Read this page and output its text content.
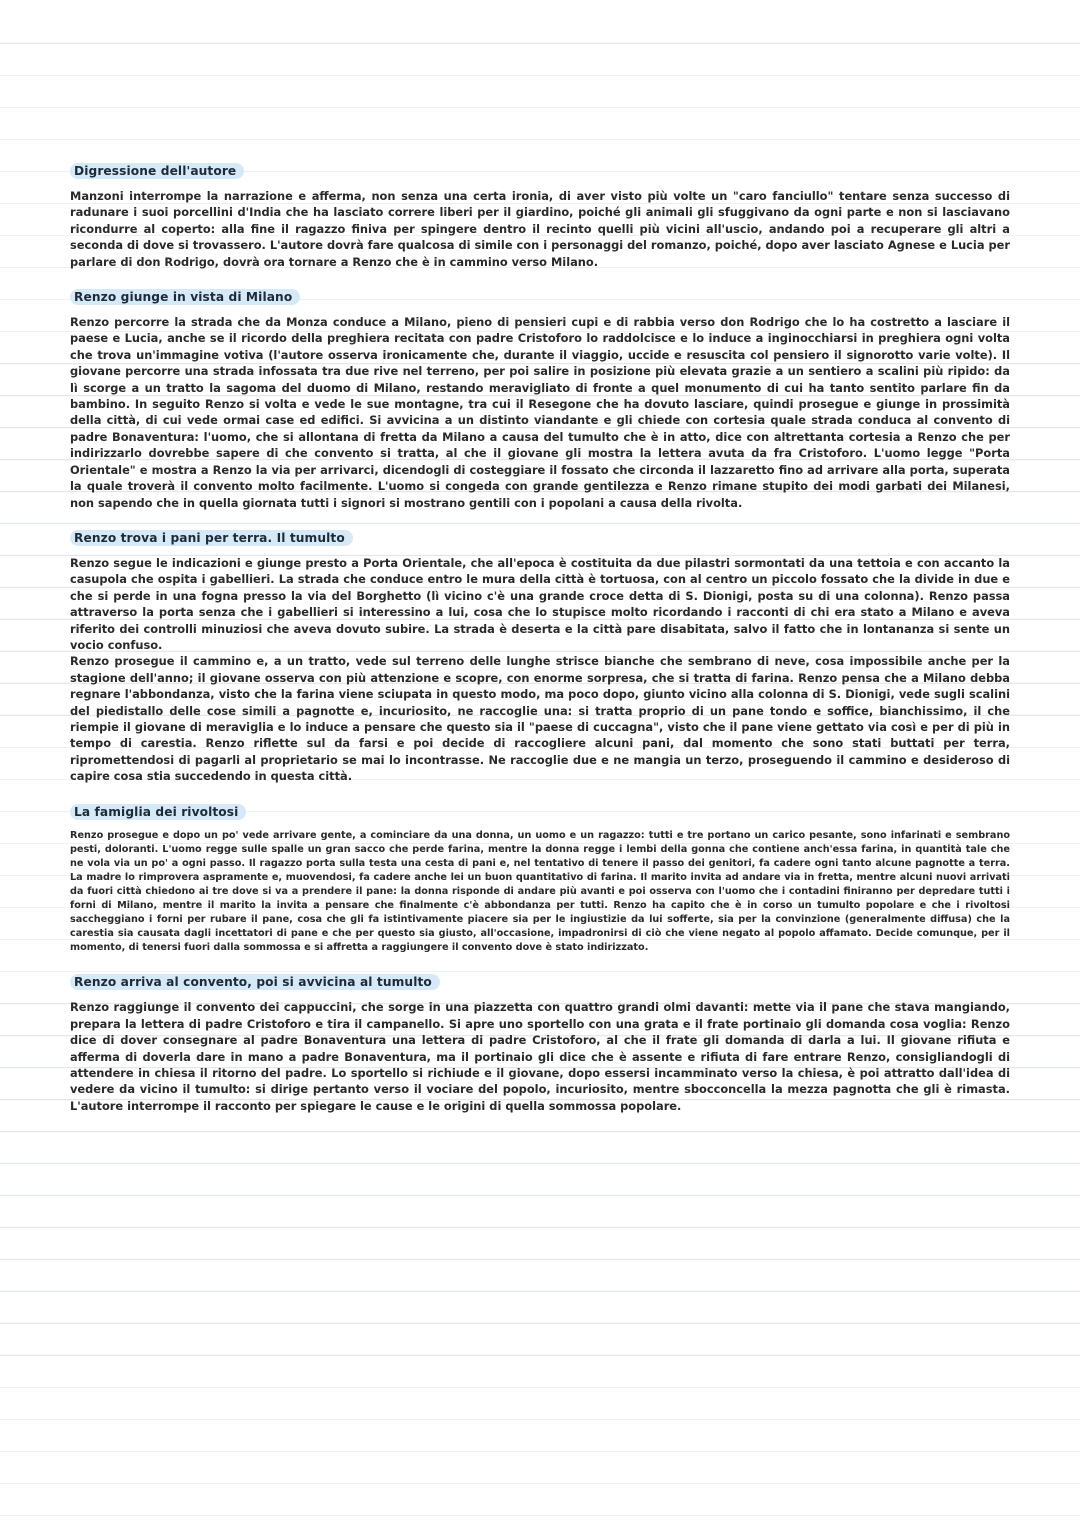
Digressione dell'autore

Manzoni interrompe la narrazione e afferma, non senza una certa ironia, di aver visto più volte un "caro fanciullo" tentare senza successo di radunare i suoi porcellini d'India che ha lasciato correre liberi per il giardino, poiché gli animali gli sfuggivano da ogni parte e non si lasciavano ricondurre al coperto: alla fine il ragazzo finiva per spingere dentro il recinto quelli più vicini all'uscio, andando poi a recuperare gli altri a seconda di dove si trovassero. L'autore dovrà fare qualcosa di simile con i personaggi del romanzo, poiché, dopo aver lasciato Agnese e Lucia per parlare di don Rodrigo, dovrà ora tornare a Renzo che è in cammino verso Milano.

Renzo giunge in vista di Milano

Renzo percorre la strada che da Monza conduce a Milano, pieno di pensieri cupi e di rabbia verso don Rodrigo che lo ha costretto a lasciare il paese e Lucia, anche se il ricordo della preghiera recitata con padre Cristoforo lo raddolcisce e lo induce a inginocchiarsi in preghiera ogni volta che trova un'immagine votiva (l'autore osserva ironicamente che, durante il viaggio, uccide e resuscita col pensiero il signorotto varie volte). Il giovane percorre una strada infossata tra due rive nel terreno, per poi salire in posizione più elevata grazie a un sentiero a scalini più ripido: da lì scorge a un tratto la sagoma del duomo di Milano, restando meravigliato di fronte a quel monumento di cui ha tanto sentito parlare fin da bambino. In seguito Renzo si volta e vede le sue montagne, tra cui il Resegone che ha dovuto lasciare, quindi prosegue e giunge in prossimità della città, di cui vede ormai case ed edifici. Si avvicina a un distinto viandante e gli chiede con cortesia quale strada conduca al convento di padre Bonaventura: l'uomo, che si allontana di fretta da Milano a causa del tumulto che è in atto, dice con altrettanta cortesia a Renzo che per indirizzarlo dovrebbe sapere di che convento si tratta, al che il giovane gli mostra la lettera avuta da fra Cristoforo. L'uomo legge "Porta Orientale" e mostra a Renzo la via per arrivarci, dicendogli di costeggiare il fossato che circonda il lazzaretto fino ad arrivare alla porta, superata la quale troverà il convento molto facilmente. L'uomo si congeda con grande gentilezza e Renzo rimane stupito dei modi garbati dei Milanesi, non sapendo che in quella giornata tutti i signori si mostrano gentili con i popolani a causa della rivolta.

Renzo trova i pani per terra. Il tumulto

Renzo segue le indicazioni e giunge presto a Porta Orientale, che all'epoca è costituita da due pilastri sormontati da una tettoia e con accanto la casupola che ospita i gabellieri. La strada che conduce entro le mura della città è tortuosa, con al centro un piccolo fossato che la divide in due e che si perde in una fogna presso la via del Borghetto (lì vicino c'è una grande croce detta di S. Dionigi, posta su di una colonna). Renzo passa attraverso la porta senza che i gabellieri si interessino a lui, cosa che lo stupisce molto ricordando i racconti di chi era stato a Milano e aveva riferito dei controlli minuziosi che aveva dovuto subire. La strada è deserta e la città pare disabitata, salvo il fatto che in lontananza si sente un vocio confuso.

Renzo prosegue il cammino e, a un tratto, vede sul terreno delle lunghe strisce bianche che sembrano di neve, cosa impossibile anche per la stagione dell'anno; il giovane osserva con più attenzione e scopre, con enorme sorpresa, che si tratta di farina. Renzo pensa che a Milano debba regnare l'abbondanza, visto che la farina viene sciupata in questo modo, ma poco dopo, giunto vicino alla colonna di S. Dionigi, vede sugli scalini del piedistallo delle cose simili a pagnotte e, incuriosito, ne raccoglie una: si tratta proprio di un pane tondo e soffice, bianchissimo, il che riempie il giovane di meraviglia e lo induce a pensare che questo sia il "paese di cuccagna", visto che il pane viene gettato via così e per di più in tempo di carestia. Renzo riflette sul da farsi e poi decide di raccogliere alcuni pani, dal momento che sono stati buttati per terra, ripromettendosi di pagarli al proprietario se mai lo incontrasse. Ne raccoglie due e ne mangia un terzo, proseguendo il cammino e desideroso di capire cosa stia succedendo in questa città.

La famiglia dei rivoltosi

Renzo prosegue e dopo un po' vede arrivare gente, a cominciare da una donna, un uomo e un ragazzo: tutti e tre portano un carico pesante, sono infarinati e sembrano pesti, doloranti. L'uomo regge sulle spalle un gran sacco che perde farina, mentre la donna regge i lembi della gonna che contiene anch'essa farina, in quantità tale che ne vola via un po' a ogni passo. Il ragazzo porta sulla testa una cesta di pani e, nel tentativo di tenere il passo dei genitori, fa cadere ogni tanto alcune pagnotte a terra. La madre lo rimprovera aspramente e, muovendosi, fa cadere anche lei un buon quantitativo di farina. Il marito invita ad andare via in fretta, mentre alcuni nuovi arrivati da fuori città chiedono ai tre dove si va a prendere il pane: la donna risponde di andare più avanti e poi osserva con l'uomo che i contadini finiranno per depredare tutti i forni di Milano, mentre il marito la invita a pensare che finalmente c'è abbondanza per tutti. Renzo ha capito che è in corso un tumulto popolare e che i rivoltosi saccheggiano i forni per rubare il pane, cosa che gli fa istintivamente piacere sia per le ingiustizie da lui sofferte, sia per la convinzione (generalmente diffusa) che la carestia sia causata dagli incettatori di pane e che per questo sia giusto, all'occasione, impadronirsi di ciò che viene negato al popolo affamato. Decide comunque, per il momento, di tenersi fuori dalla sommossa e si affretta a raggiungere il convento dove è stato indirizzato.

Renzo arriva al convento, poi si avvicina al tumulto

Renzo raggiunge il convento dei cappuccini, che sorge in una piazzetta con quattro grandi olmi davanti: mette via il pane che stava mangiando, prepara la lettera di padre Cristoforo e tira il campanello. Si apre uno sportello con una grata e il frate portinaio gli domanda cosa voglia: Renzo dice di dover consegnare al padre Bonaventura una lettera di padre Cristoforo, al che il frate gli domanda di darla a lui. Il giovane rifiuta e afferma di doverla dare in mano a padre Bonaventura, ma il portinaio gli dice che è assente e rifiuta di fare entrare Renzo, consigliandogli di attendere in chiesa il ritorno del padre. Lo sportello si richiude e il giovane, dopo essersi incamminato verso la chiesa, è poi attratto dall'idea di vedere da vicino il tumulto: si dirige pertanto verso il vociare del popolo, incuriosito, mentre sbocconcella la mezza pagnotta che gli è rimasta. L'autore interrompe il racconto per spiegare le cause e le origini di quella sommossa popolare.
